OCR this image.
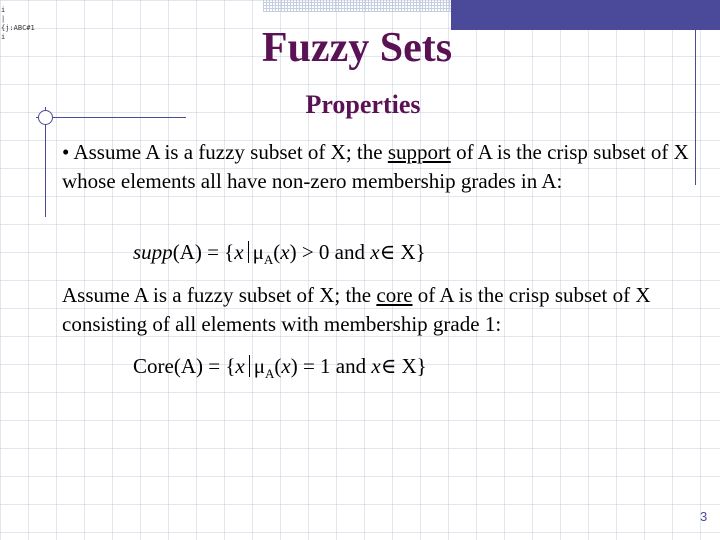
i
|
{j:ABC#1
i	Fuzzy Sets
Properties

• Assume A is a fuzzy subset of X; the support of A is the crisp subset of X whose elements all have non-zero membership grades in A:

supp(A) = {x $\mu_A(x) > 0$ and x∈ X}

Assume A is a fuzzy subset of X; the core of A is the crisp subset of X consisting of all elements with membership grade 1:

Core(A) = {x $\mu_A(x) = 1$ and x∈ X}
3
